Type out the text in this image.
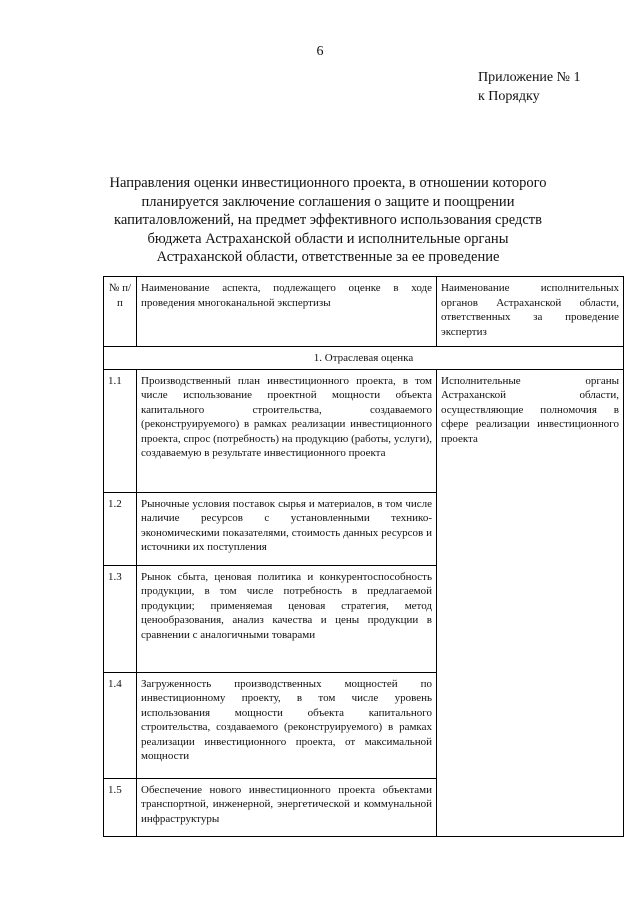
6
Приложение № 1
к Порядку
Направления оценки инвестиционного проекта, в отношении которого
планируется заключение соглашения о защите и поощрении
капиталовложений, на предмет эффективного использования средств
бюджета Астраханской области и исполнительные органы
Астраханской области, ответственные за ее проведение
№ п/п	Наименование аспекта, подлежащего оценке в ходе проведения многоканальной экспертизы	Наименование исполнительных органов Астраханской области, ответственных за проведение экспертиз
1. Отраслевая оценка		
1.1	Производственный план инвестиционного проекта, в том числе использование проектной мощности объекта капитального строительства, создаваемого (реконструируемого) в рамках реализации инвестиционного проекта, спрос (потребность) на продукцию (работы, услуги), создаваемую в результате инвестиционного проекта	Исполнительные органы Астраханской области, осуществляющие полномочия в сфере реализации инвестиционного проекта
1.2	Рыночные условия поставок сырья и материалов, в том числе наличие ресурсов с установленными технико-экономическими показателями, стоимость данных ресурсов и источники их поступления	
1.3	Рынок сбыта, ценовая политика и конкурентоспособность продукции, в том числе потребность в предлагаемой продукции; применяемая ценовая стратегия, метод ценообразования, анализ качества и цены продукции в сравнении с аналогичными товарами	
1.4	Загруженность производственных мощностей по инвестиционному проекту, в том числе уровень использования мощности объекта капитального строительства, создаваемого (реконструируемого) в рамках реализации инвестиционного проекта, от максимальной мощности	
1.5	Обеспечение нового инвестиционного проекта объектами транспортной, инженерной, энергетической и коммунальной инфраструктуры	
